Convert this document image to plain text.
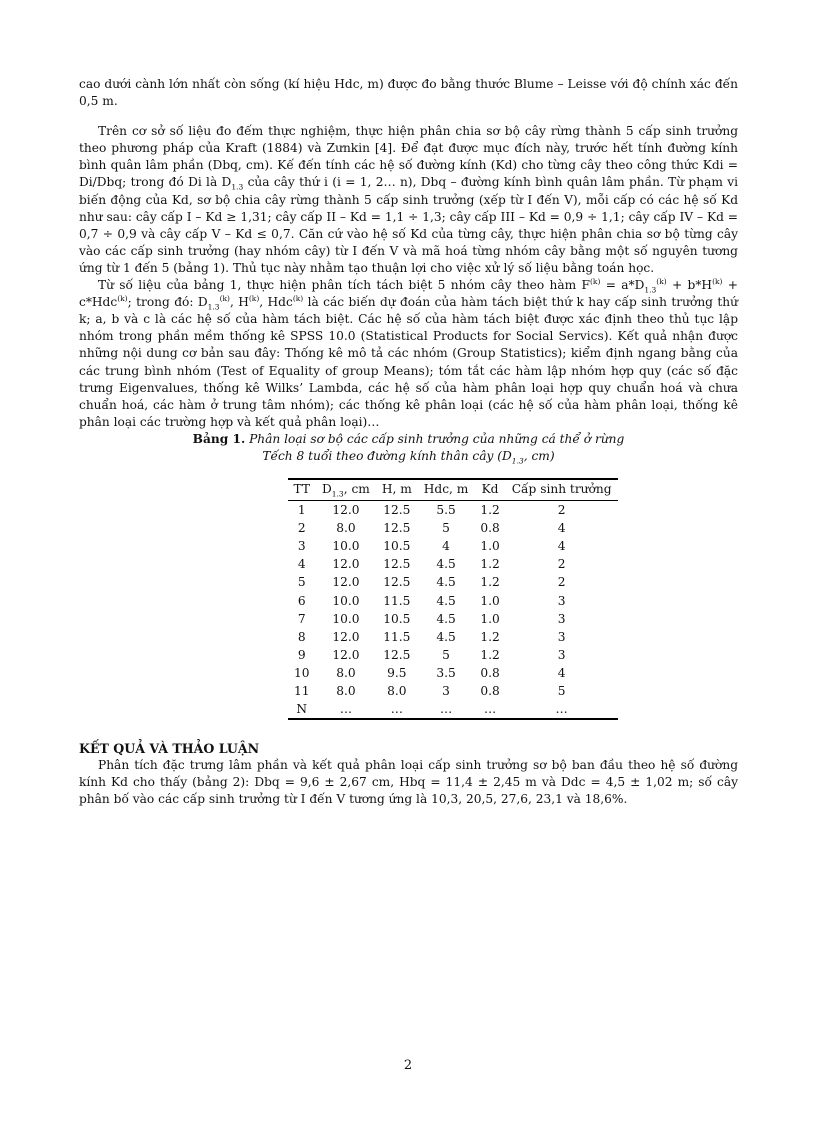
cao dưới cành lớn nhất còn sống (kí hiệu Hdc, m) được đo bằng thước Blume – Leisse với độ chính xác đến 0,5 m.

Trên cơ sở số liệu đo đếm thực nghiệm, thực hiện phân chia sơ bộ cây rừng thành 5 cấp sinh trưởng theo phương pháp của Kraft (1884) và Zưnkin [4]. Để đạt được mục đích này, trước hết tính đường kính bình quân lâm phần (Dbq, cm). Kế đến tính các hệ số đường kính (Kd) cho từng cây theo công thức Kdi = Di/Dbq; trong đó Di là $D_{1.3}$ của cây thứ i (i = 1, 2… n), Dbq – đường kính bình quân lâm phần. Từ phạm vi biến động của Kd, sơ bộ chia cây rừng thành 5 cấp sinh trưởng (xếp từ I đến V), mỗi cấp có các hệ số Kd như sau: cây cấp I – Kd ≥ 1,31; cây cấp II – Kd = 1,1 ÷ 1,3; cây cấp III – Kd = 0,9 ÷ 1,1; cây cấp IV – Kd = 0,7 ÷ 0,9 và cây cấp V – Kd ≤ 0,7. Căn cứ vào hệ số Kd của từng cây, thực hiện phân chia sơ bộ từng cây vào các cấp sinh trưởng (hay nhóm cây) từ I đến V và mã hoá từng nhóm cây bằng một số nguyên tương ứng từ 1 đến 5 (bảng 1). Thủ tục này nhằm tạo thuận lợi cho việc xử lý số liệu bằng toán học.

Từ số liệu của bảng 1, thực hiện phân tích tách biệt 5 nhóm cây theo hàm $F^{(k)} = a*D_{1.3}^{(k)} + b*H^{(k)} + c*Hdc^{(k)}$; trong đó: $D_{1.3}^{(k)}$, $H^{(k)}$, Hdc$^{(k)}$ là các biến dự đoán của hàm tách biệt thứ k hay cấp sinh trưởng thứ k; a, b và c là các hệ số của hàm tách biệt. Các hệ số của hàm tách biệt được xác định theo thủ tục lập nhóm trong phần mềm thống kê SPSS 10.0 (Statistical Products for Social Servics). Kết quả nhận được những nội dung cơ bản sau đây: Thống kê mô tả các nhóm (Group Statistics); kiểm định ngang bằng của các trung bình nhóm (Test of Equality of group Means); tóm tắt các hàm lập nhóm hợp quy (các số đặc trưng Eigenvalues, thống kê Wilks’ Lambda, các hệ số của hàm phân loại hợp quy chuẩn hoá và chưa chuẩn hoá, các hàm ở trung tâm nhóm); các thống kê phân loại (các hệ số của hàm phân loại, thống kê phân loại các trường hợp và kết quả phân loại)…

Bảng 1. Phân loại sơ bộ các cấp sinh trưởng của những cá thể ở rừng
Tếch 8 tuổi theo đường kính thân cây ($D_{1.3}$, cm)
TT	$D_{1.3}$, cm	H, m	Hdc, m	Kd	Cấp sinh trưởng
1	12.0	12.5	5.5	1.2	2
2	8.0	12.5	5	0.8	4
3	10.0	10.5	4	1.0	4
4	12.0	12.5	4.5	1.2	2
5	12.0	12.5	4.5	1.2	2
6	10.0	11.5	4.5	1.0	3
7	10.0	10.5	4.5	1.0	3
8	12.0	11.5	4.5	1.2	3
9	12.0	12.5	5	1.2	3
10	8.0	9.5	3.5	0.8	4
11	8.0	8.0	3	0.8	5
N	…	…	…	…	…
KẾT QUẢ VÀ THẢO LUẬN

Phân tích đặc trưng lâm phần và kết quả phân loại cấp sinh trưởng sơ bộ ban đầu theo hệ số đường kính Kd cho thấy (bảng 2): Dbq = 9,6 ± 2,67 cm, Hbq = 11,4 ± 2,45 m và Ddc = 4,5 ± 1,02 m; số cây phân bố vào các cấp sinh trưởng từ I đến V tương ứng là 10,3, 20,5, 27,6, 23,1 và 18,6%.

2
